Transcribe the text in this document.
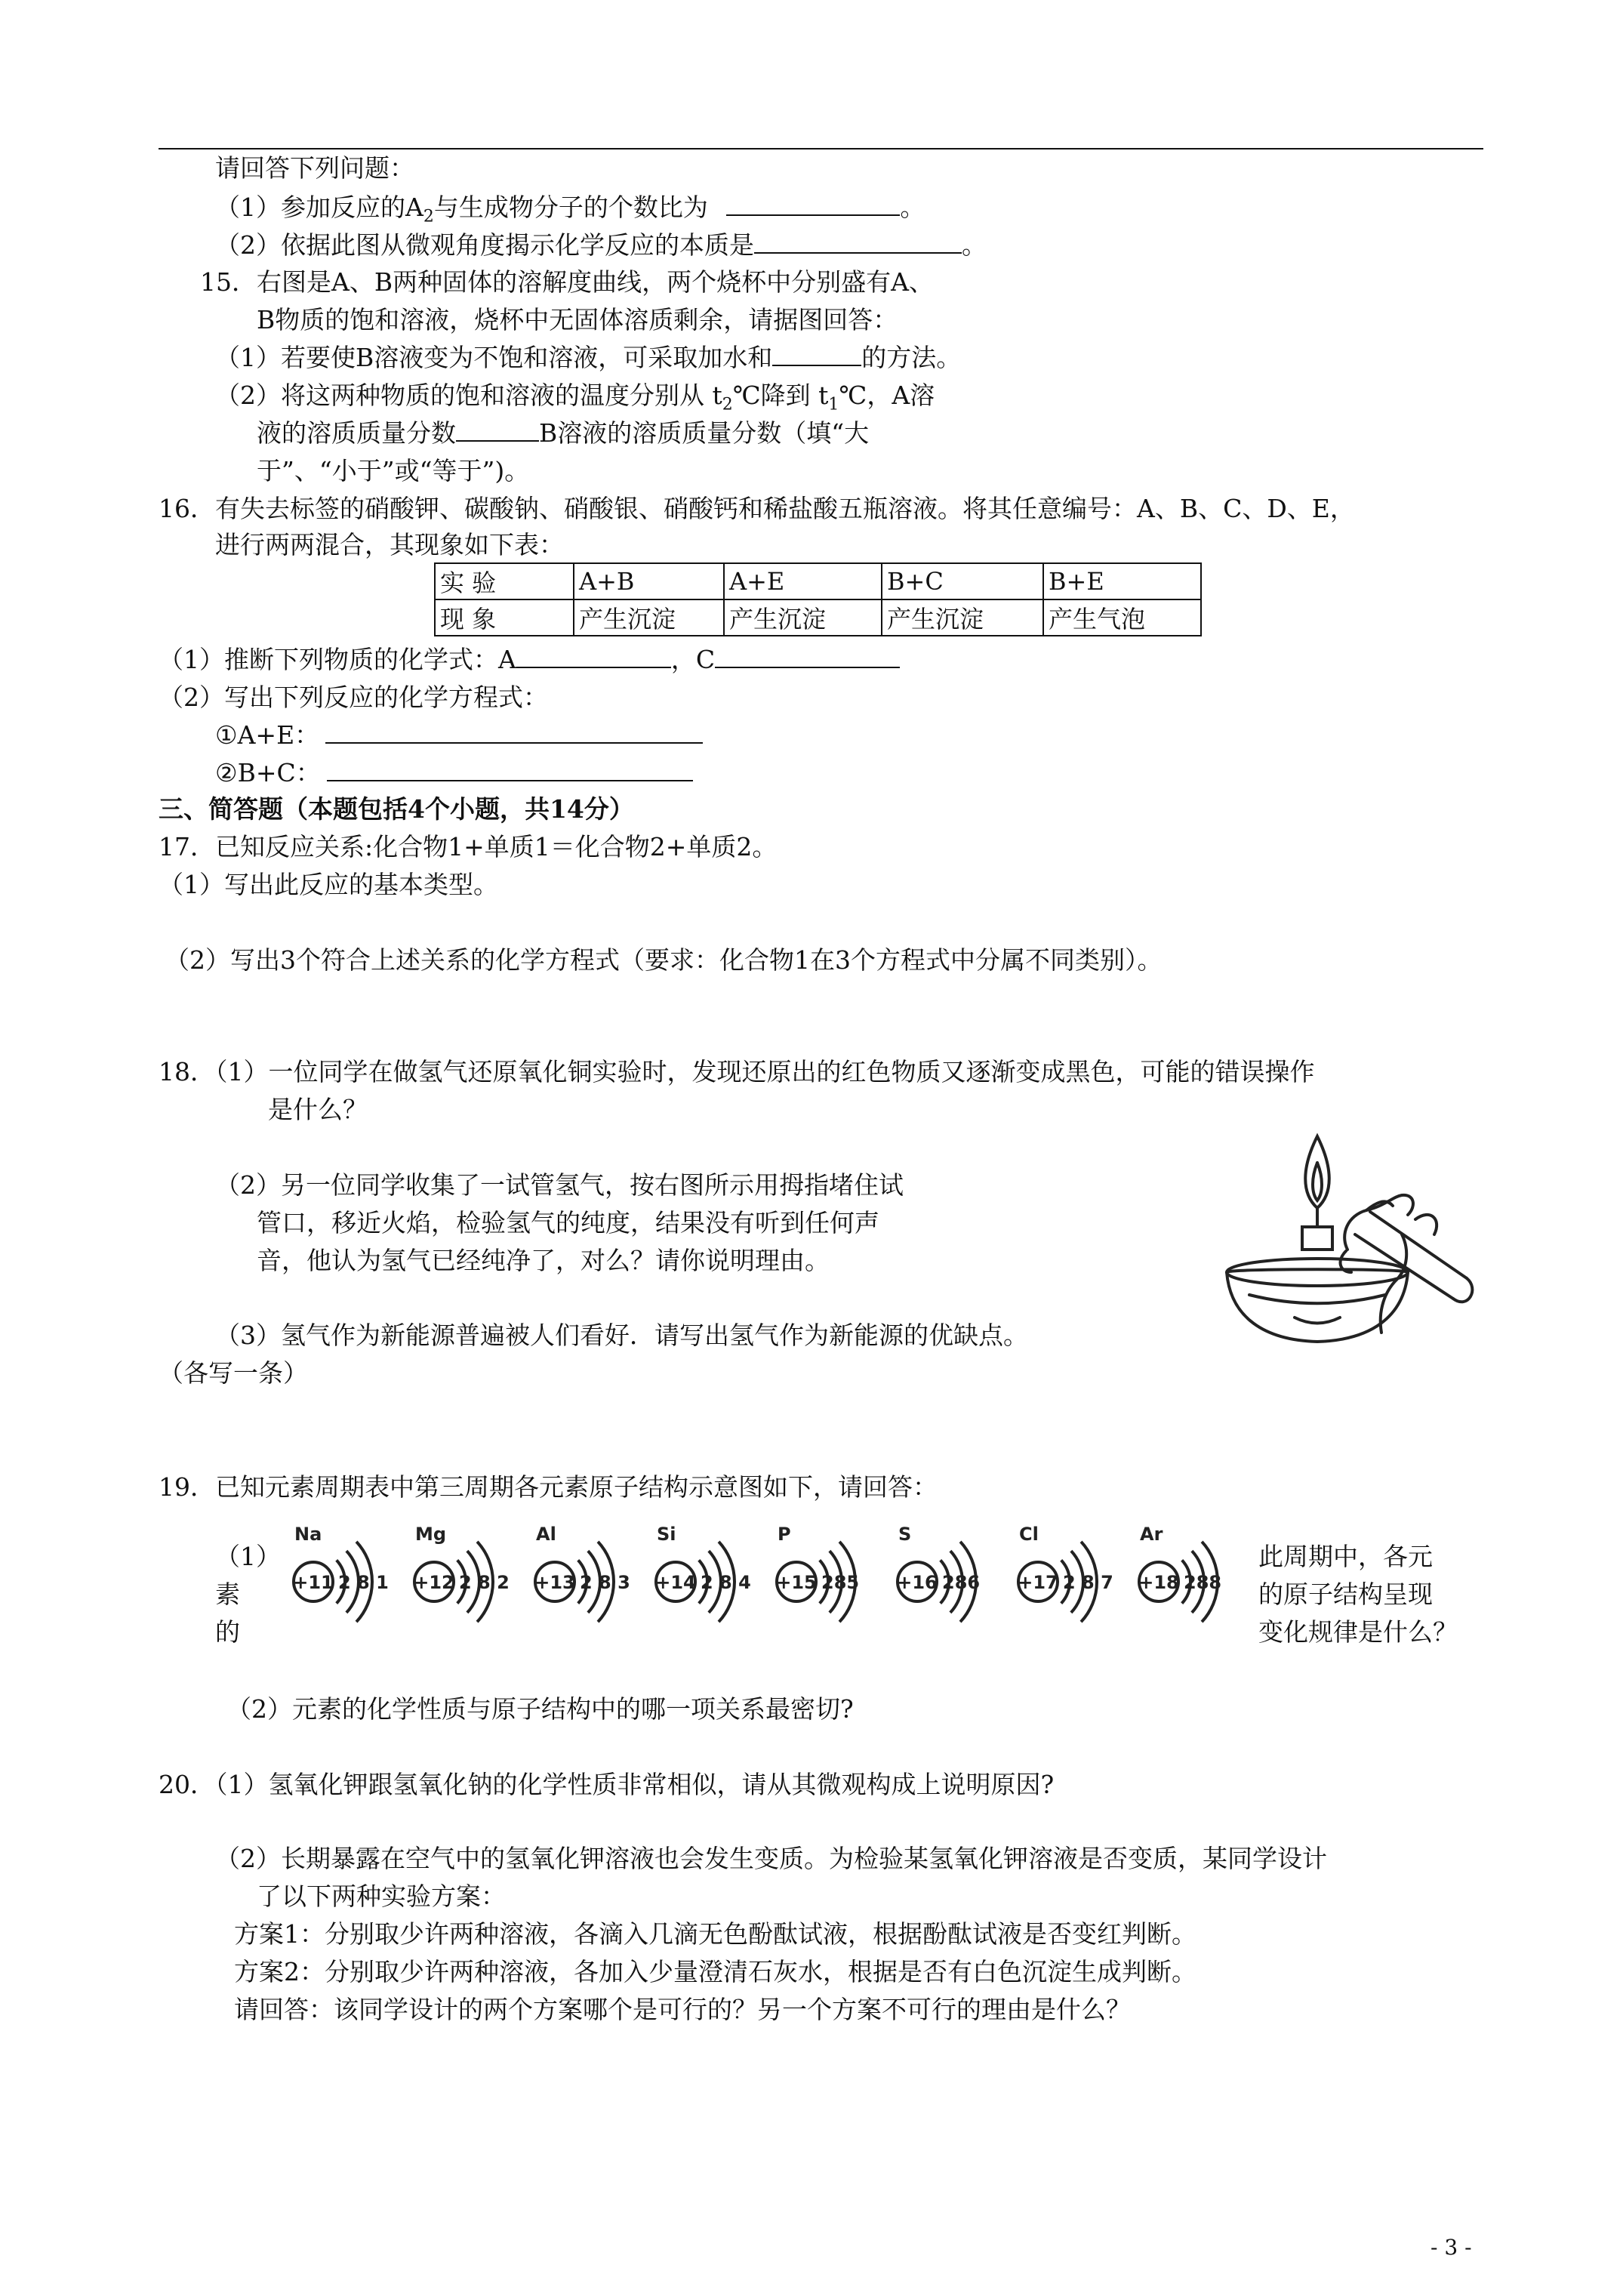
请回答下列问题：
（1）参加反应的$A_2$与生成物分子的个数比为	。
（2）依据此图从微观角度揭示化学反应的本质是	。
15．右图是A、B两种固体的溶解度曲线，两个烧杯中分别盛有A、
B物质的饱和溶液，烧杯中无固体溶质剩余，请据图回答：
（1）若要使B溶液变为不饱和溶液，可采取加水和	的方法。
（2）将这两种物质的饱和溶液的温度分别从 $t_2℃$降到 $t_1℃$，A溶
液的溶质质量分数	B溶液的溶质质量分数（填“大
于”、“小于”或“等于”)。
16．有失去标签的硝酸钾、碳酸钠、硝酸银、硝酸钙和稀盐酸五瓶溶液。将其任意编号：A、B、C、D、E，
进行两两混合，其现象如下表：
实 验	A+B	A+E	B+C	B+E
现 象	产生沉淀	产生沉淀	产生沉淀	产生气泡
（1）推断下列物质的化学式：A	，C
（2）写出下列反应的化学方程式：
①A+E：
②B+C：
三、简答题（本题包括4个小题，共14分）
17．已知反应关系:化合物1+单质1＝化合物2+单质2。
（1）写出此反应的基本类型。
（2）写出3个符合上述关系的化学方程式（要求：化合物1在3个方程式中分属不同类别）。
18．（1）一位同学在做氢气还原氧化铜实验时，发现还原出的红色物质又逐渐变成黑色，可能的错误操作
是什么？
（2）另一位同学收集了一试管氢气，按右图所示用拇指堵住试
管口，移近火焰，检验氢气的纯度，结果没有听到任何声
音，他认为氢气已经纯净了，对么？请你说明理由。
（3）氢气作为新能源普遍被人们看好．请写出氢气作为新能源的优缺点。
（各写一条）
19．已知元素周期表中第三周期各元素原子结构示意图如下，请回答：
（1）
素
的
此周期中，各元
的原子结构呈现
变化规律是什么？
Na
+11 2 8 1
Mg
+12 2 8 2
Al
+13 2 8 3
Si
+14 2 8 4
P
+15 285
S
+16 286
Cl
+17 2 8 7
Ar
+18 288
（2）元素的化学性质与原子结构中的哪一项关系最密切?
20．（1）氢氧化钾跟氢氧化钠的化学性质非常相似，请从其微观构成上说明原因?
（2）长期暴露在空气中的氢氧化钾溶液也会发生变质。为检验某氢氧化钾溶液是否变质，某同学设计
了以下两种实验方案：
方案1：分别取少许两种溶液，各滴入几滴无色酚酞试液，根据酚酞试液是否变红判断。
方案2：分别取少许两种溶液，各加入少量澄清石灰水，根据是否有白色沉淀生成判断。
请回答：该同学设计的两个方案哪个是可行的？另一个方案不可行的理由是什么？
- 3 -
